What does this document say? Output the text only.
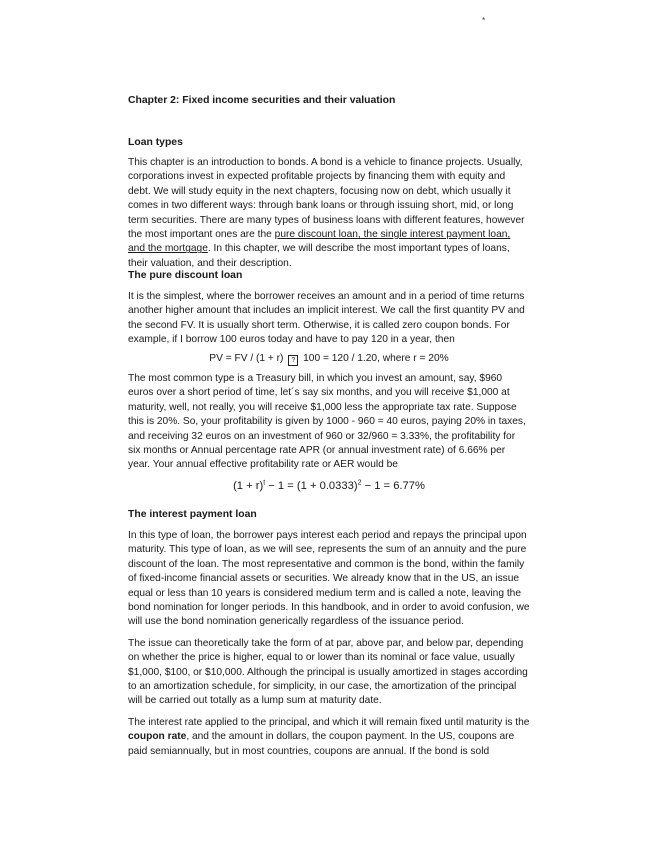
*
Chapter 2: Fixed income securities and their valuation
Loan types

This chapter is an introduction to bonds. A bond is a vehicle to finance projects. Usually, corporations invest in expected profitable projects by financing them with equity and debt. We will study equity in the next chapters, focusing now on debt, which usually it comes in two different ways: through bank loans or through issuing short, mid, or long term securities. There are many types of business loans with different features, however the most important ones are the pure discount loan, the single interest payment loan, and the mortgage. In this chapter, we will describe the most important types of loans, their valuation, and their description.

The pure discount loan

It is the simplest, where the borrower receives an amount and in a period of time returns another higher amount that includes an implicit interest. We call the first quantity PV and the second FV. It is usually short term. Otherwise, it is called zero coupon bonds. For example, if I borrow 100 euros today and have to pay 120 in a year, then

PV = FV / (1 + r) ? 100 = 120 / 1.20, where r = 20%

The most common type is a Treasury bill, in which you invest an amount, say, $960 euros over a short period of time, let´s say six months, and you will receive $1,000 at maturity, well, not really, you will receive $1,000 less the appropriate tax rate. Suppose this is 20%. So, your profitability is given by 1000 - 960 = 40 euros, paying 20% in taxes, and receiving 32 euros on an investment of 960 or 32/960 = 3.33%, the profitability for six months or Annual percentage rate APR (or annual investment rate) of 6.66% per year. Your annual effective profitability rate or AER would be

$(1 + r)^t - 1 = (1 + 0.0333)^2 - 1 = 6.77\%$
The interest payment loan

In this type of loan, the borrower pays interest each period and repays the principal upon maturity. This type of loan, as we will see, represents the sum of an annuity and the pure discount of the loan. The most representative and common is the bond, within the family of fixed-income financial assets or securities. We already know that in the US, an issue equal or less than 10 years is considered medium term and is called a note, leaving the bond nomination for longer periods. In this handbook, and in order to avoid confusion, we will use the bond nomination generically regardless of the issuance period.

The issue can theoretically take the form of at par, above par, and below par, depending on whether the price is higher, equal to or lower than its nominal or face value, usually $1,000, $100, or $10,000. Although the principal is usually amortized in stages according to an amortization schedule, for simplicity, in our case, the amortization of the principal will be carried out totally as a lump sum at maturity date.

The interest rate applied to the principal, and which it will remain fixed until maturity is the coupon rate, and the amount in dollars, the coupon payment. In the US, coupons are paid semiannually, but in most countries, coupons are annual. If the bond is sold
